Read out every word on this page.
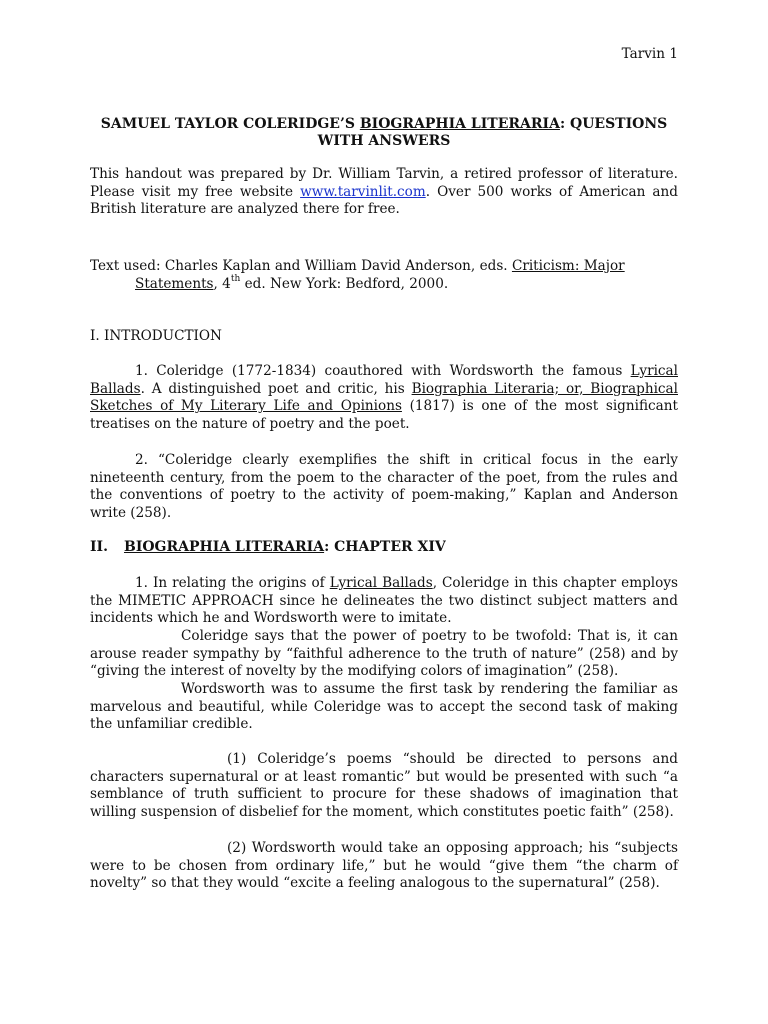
Tarvin 1
SAMUEL TAYLOR COLERIDGE’S BIOGRAPHIA LITERARIA: QUESTIONS WITH ANSWERS

This handout was prepared by Dr. William Tarvin, a retired professor of literature. Please visit my free website www.tarvinlit.com. Over 500 works of American and British literature are analyzed there for free.

Text used: Charles Kaplan and William David Anderson, eds. Criticism: Major

Statements, 4th ed. New York: Bedford, 2000.

I. INTRODUCTION

1. Coleridge (1772-1834) coauthored with Wordsworth the famous Lyrical Ballads. A distinguished poet and critic, his Biographia Literaria; or, Biographical Sketches of My Literary Life and Opinions (1817) is one of the most significant treatises on the nature of poetry and the poet.

2. “Coleridge clearly exemplifies the shift in critical focus in the early nineteenth century, from the poem to the character of the poet, from the rules and the conventions of poetry to the activity of poem-making,” Kaplan and Anderson write (258).

II. BIOGRAPHIA LITERARIA: CHAPTER XIV

1. In relating the origins of Lyrical Ballads, Coleridge in this chapter employs the MIMETIC APPROACH since he delineates the two distinct subject matters and incidents which he and Wordsworth were to imitate.

Coleridge says that the power of poetry to be twofold: That is, it can arouse reader sympathy by “faithful adherence to the truth of nature” (258) and by “giving the interest of novelty by the modifying colors of imagination” (258).

Wordsworth was to assume the first task by rendering the familiar as marvelous and beautiful, while Coleridge was to accept the second task of making the unfamiliar credible.

(1) Coleridge’s poems “should be directed to persons and characters supernatural or at least romantic” but would be presented with such “a semblance of truth sufficient to procure for these shadows of imagination that willing suspension of disbelief for the moment, which constitutes poetic faith” (258).

(2) Wordsworth would take an opposing approach; his “subjects were to be chosen from ordinary life,” but he would “give them “the charm of novelty” so that they would “excite a feeling analogous to the supernatural” (258).
